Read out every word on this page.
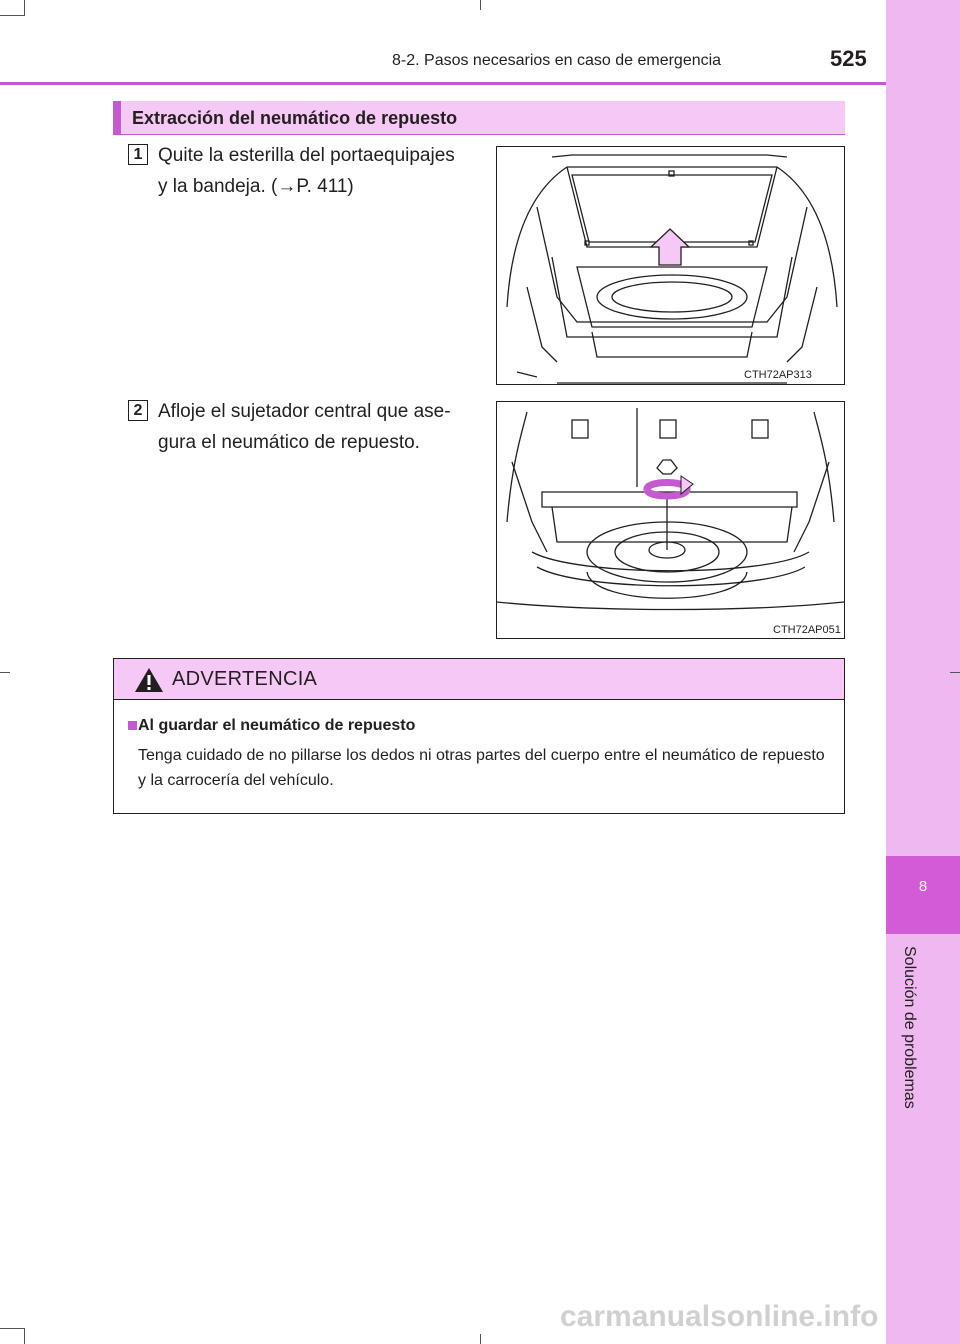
8
Solución de problemas
8-2. Pasos necesarios en caso de emergencia	525
Extracción del neumático de repuesto
1 Quite la esterilla del portaequipajes
y la bandeja. (→P. 411)
CTH72AP313
2 Afloje el sujetador central que ase-
gura el neumático de repuesto.
CTH72AP051
ADVERTENCIA
Al guardar el neumático de repuesto
Tenga cuidado de no pillarse los dedos ni otras partes del cuerpo entre el neumático de repuesto y la carrocería del vehículo.
carmanualsonline.info
